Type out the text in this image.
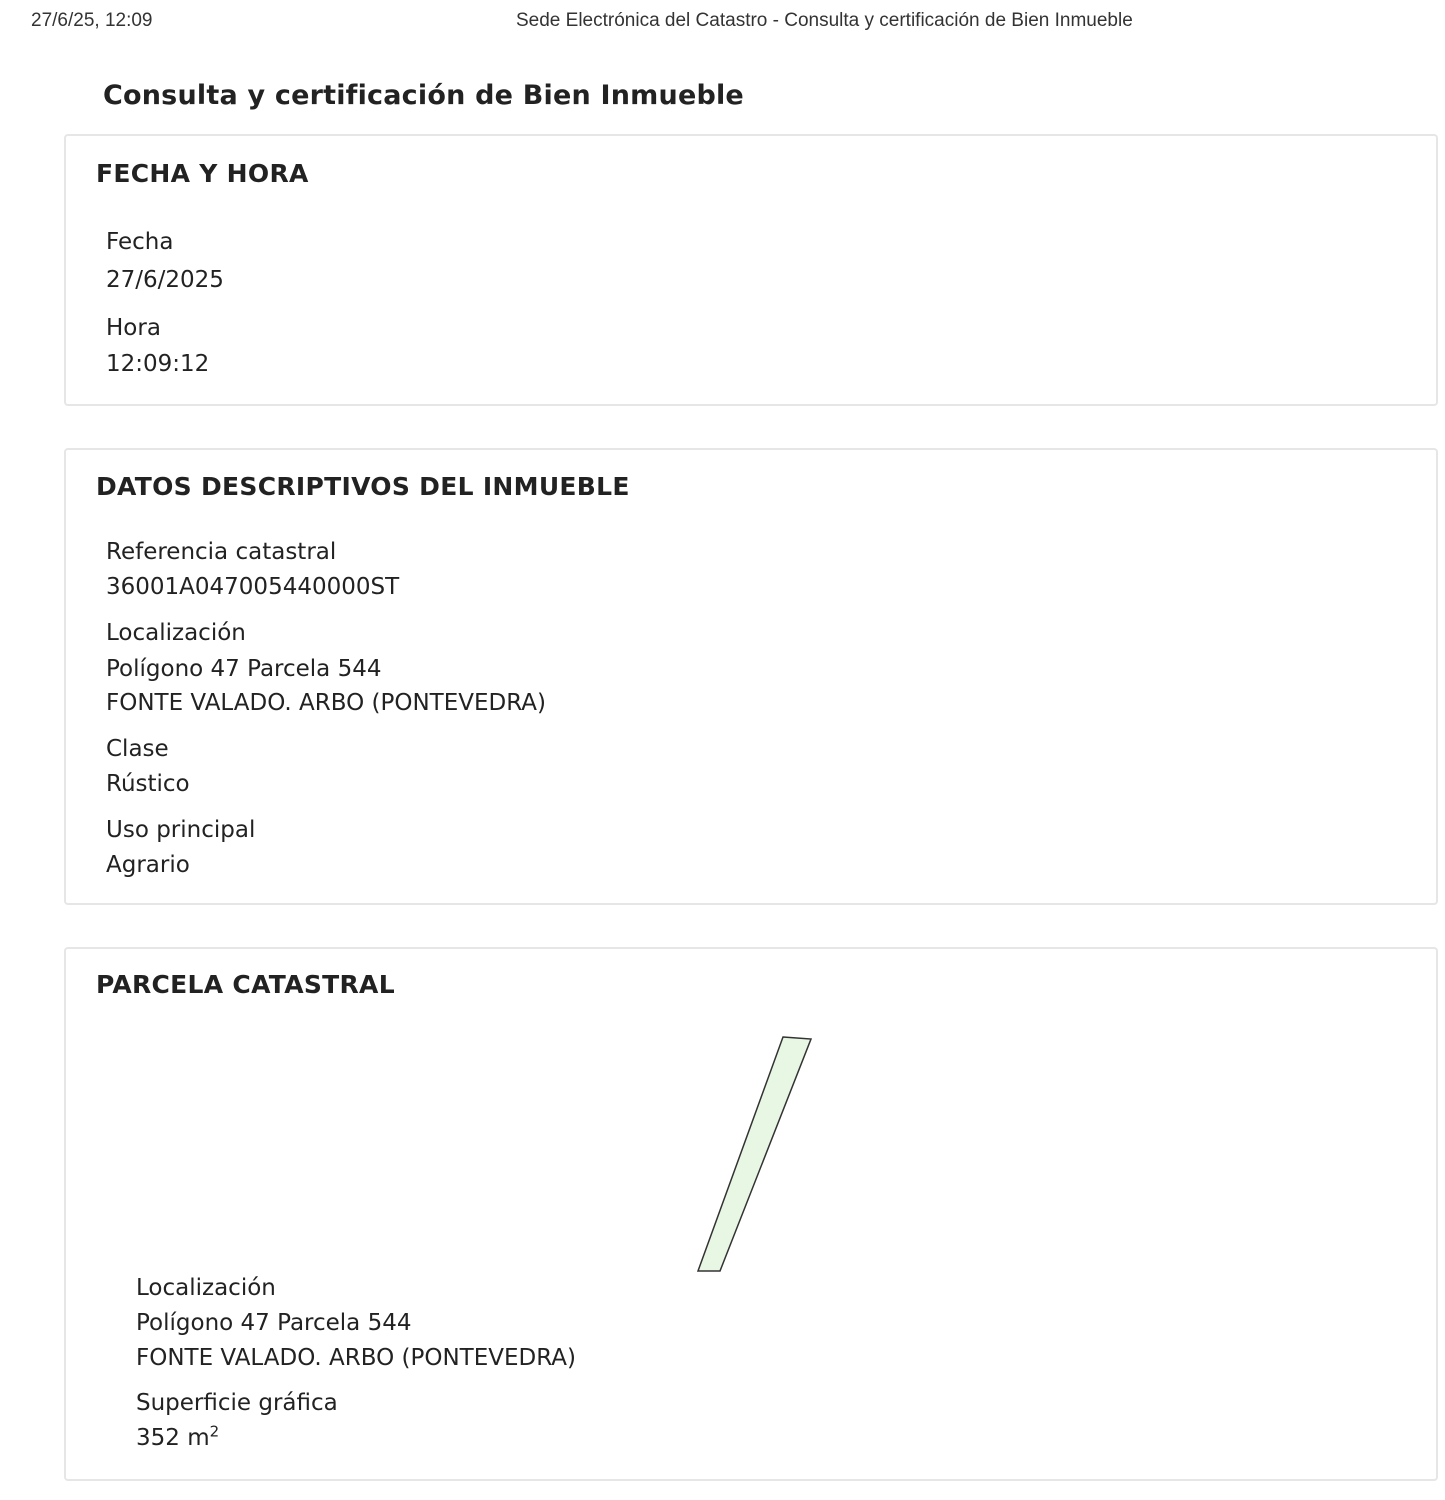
27/6/25, 12:09	Sede Electrónica del Catastro - Consulta y certificación de Bien Inmueble
Consulta y certificación de Bien Inmueble
FECHA Y HORA
Fecha
27/6/2025
Hora
12:09:12
DATOS DESCRIPTIVOS DEL INMUEBLE
Referencia catastral
36001A047005440000ST
Localización
Polígono 47 Parcela 544
FONTE VALADO. ARBO (PONTEVEDRA)
Clase
Rústico
Uso principal
Agrario
PARCELA CATASTRAL
Localización
Polígono 47 Parcela 544
FONTE VALADO. ARBO (PONTEVEDRA)
Superficie gráfica
352 $m^2$
